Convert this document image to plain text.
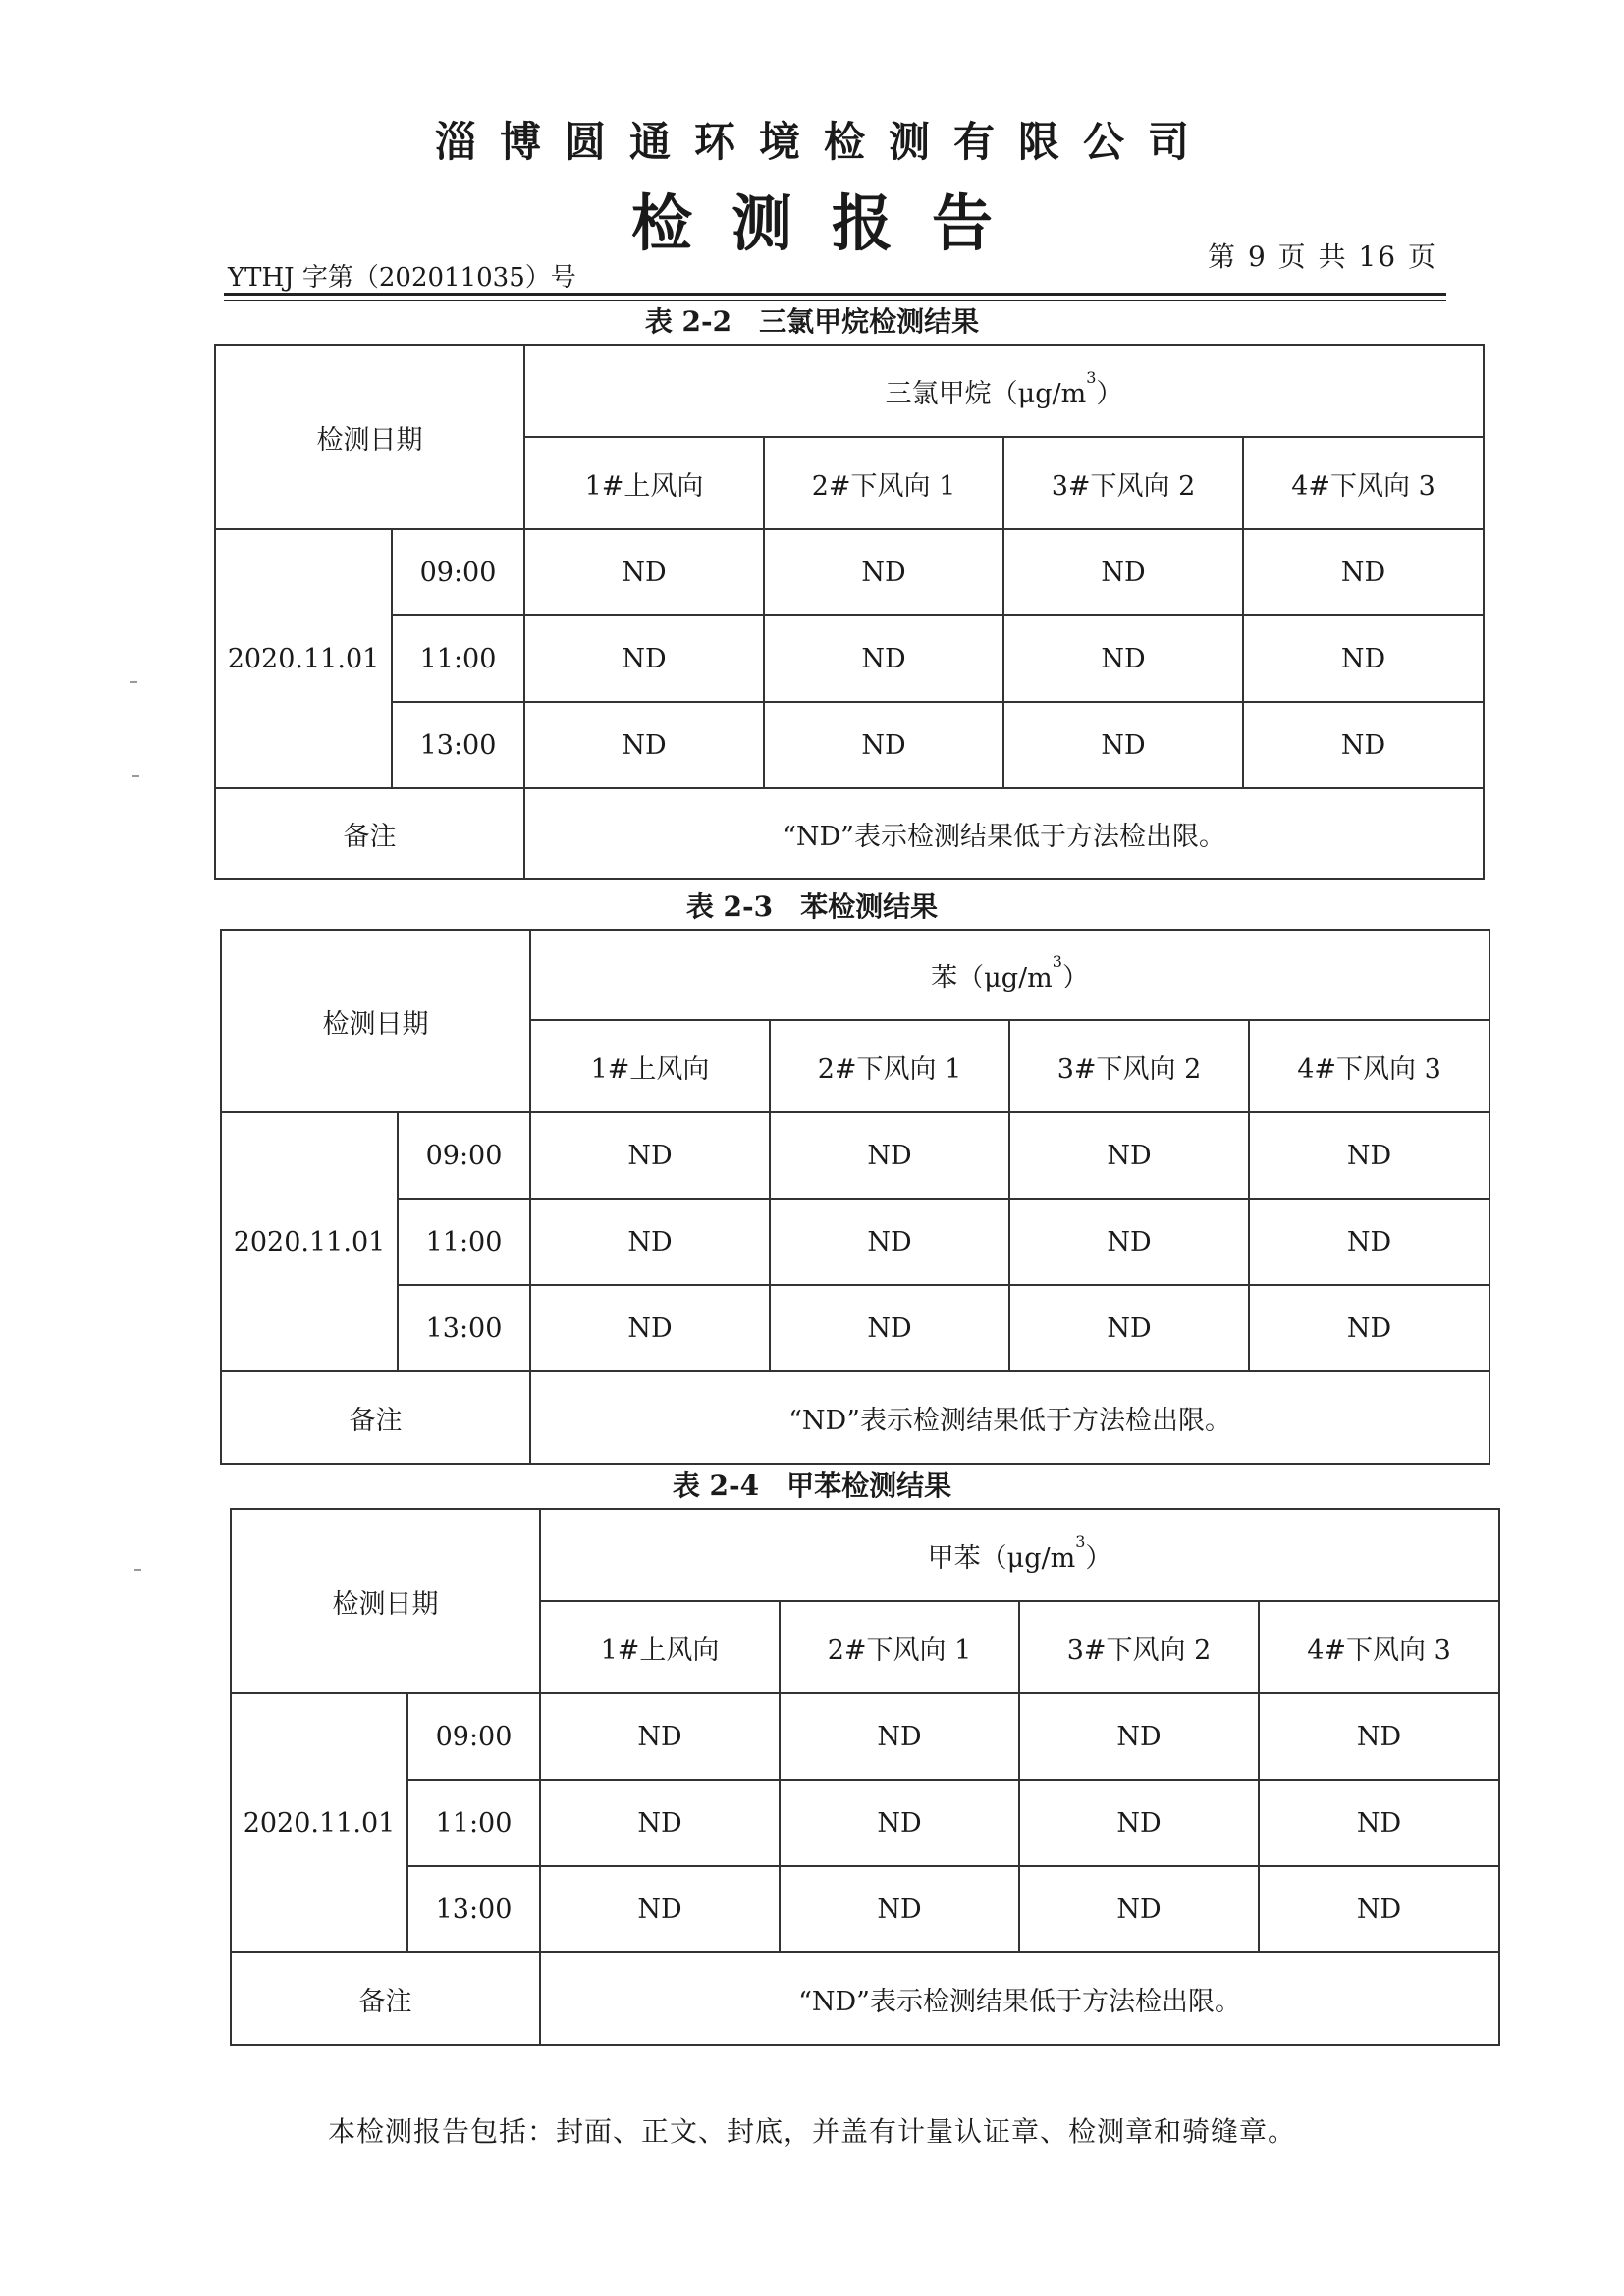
淄博圆通环境检测有限公司
检测报告
YTHJ 字第（202011035）号
第 9 页 共 16 页
表 2-2 三氯甲烷检测结果
检测日期		三氯甲烷$(\mu g/m^3)$			
		1#上风向	2#下风向 1	3#下风向 2	4#下风向 3
2020.11.01	09:00	ND	ND	ND	ND
	11:00	ND	ND	ND	ND
	13:00	ND	ND	ND	ND
备注		“ND”表示检测结果低于方法检出限。			
表 2-3 苯检测结果
检测日期		苯$(\mu g/m^3)$			
		1#上风向	2#下风向 1	3#下风向 2	4#下风向 3
2020.11.01	09:00	ND	ND	ND	ND
	11:00	ND	ND	ND	ND
	13:00	ND	ND	ND	ND
备注		“ND”表示检测结果低于方法检出限。			
表 2-4 甲苯检测结果
检测日期		甲苯$(\mu g/m^3)$			
		1#上风向	2#下风向 1	3#下风向 2	4#下风向 3
2020.11.01	09:00	ND	ND	ND	ND
	11:00	ND	ND	ND	ND
	13:00	ND	ND	ND	ND
备注		“ND”表示检测结果低于方法检出限。			
本检测报告包括：封面、正文、封底，并盖有计量认证章、检测章和骑缝章。
